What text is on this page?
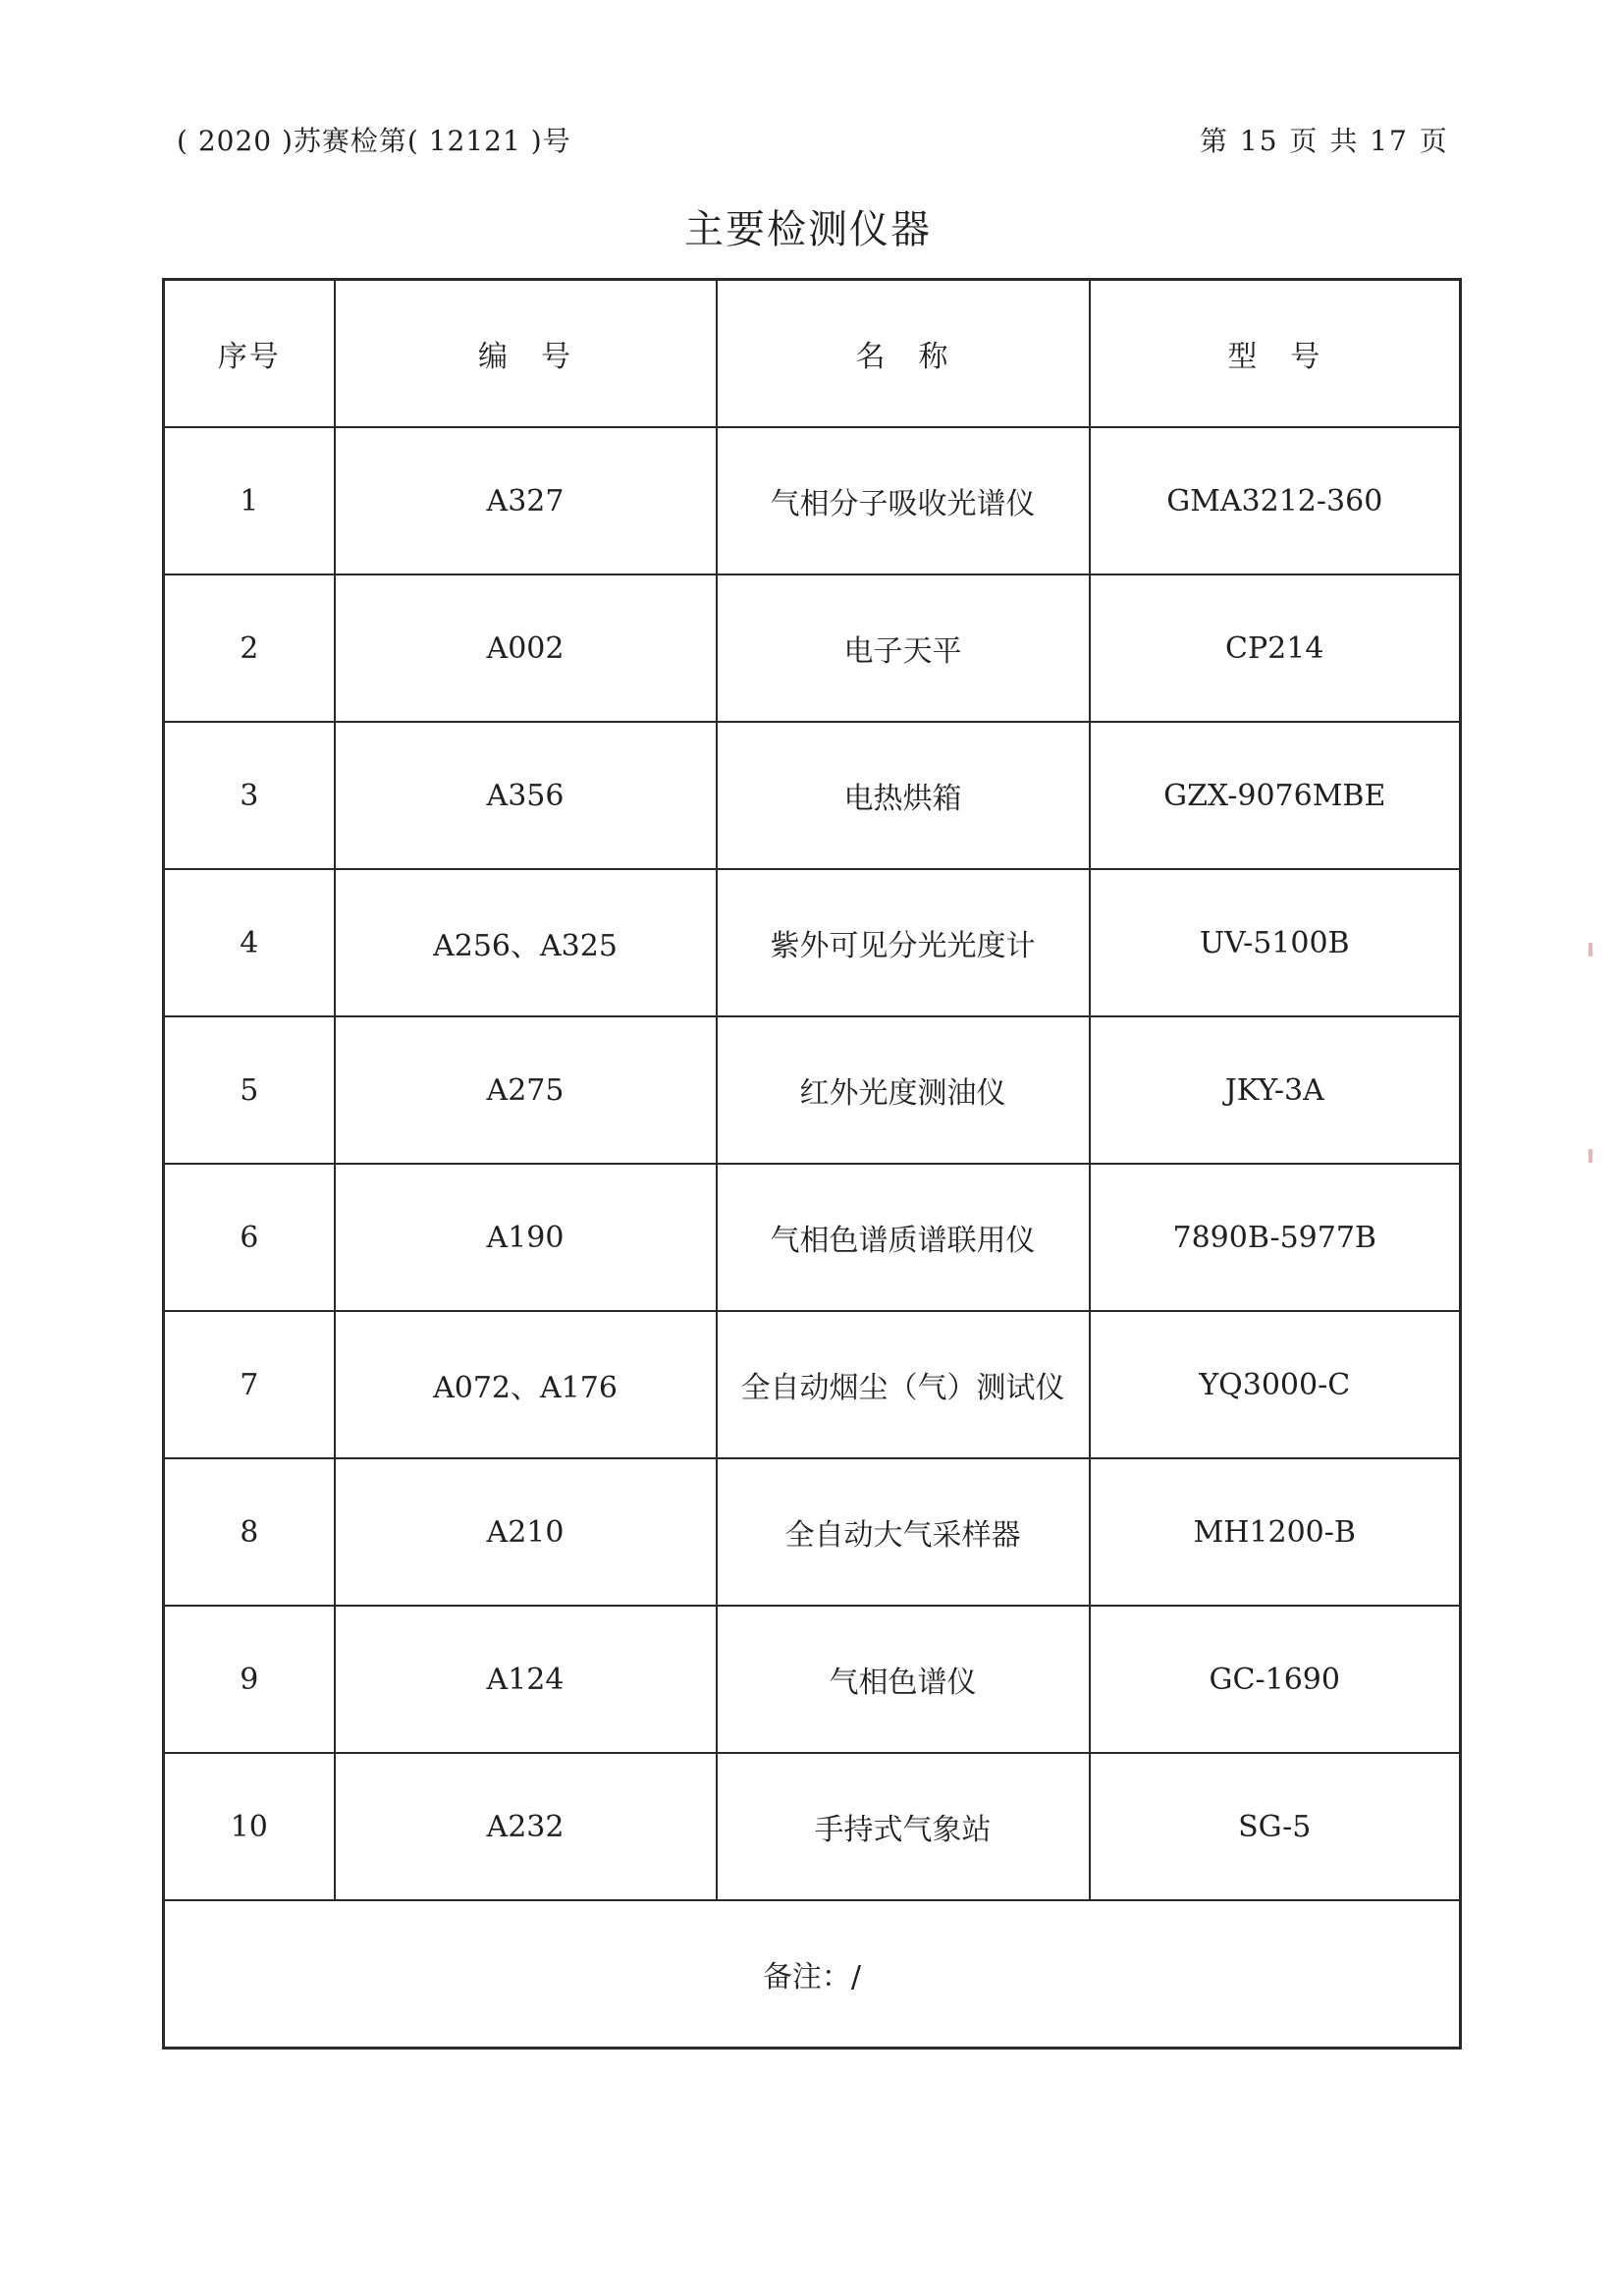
( 2020 )苏赛检第( 12121 )号	第 15 页 共 17 页
主要检测仪器
序号	编　号	名　称	型　号
1	A327	气相分子吸收光谱仪	GMA3212-360
2	A002	电子天平	CP214
3	A356	电热烘箱	GZX-9076MBE
4	A256、A325	紫外可见分光光度计	UV-5100B
5	A275	红外光度测油仪	JKY-3A
6	A190	气相色谱质谱联用仪	7890B-5977B
7	A072、A176	全自动烟尘（气）测试仪	YQ3000-C
8	A210	全自动大气采样器	MH1200-B
9	A124	气相色谱仪	GC-1690
10	A232	手持式气象站	SG-5
备注：/			
